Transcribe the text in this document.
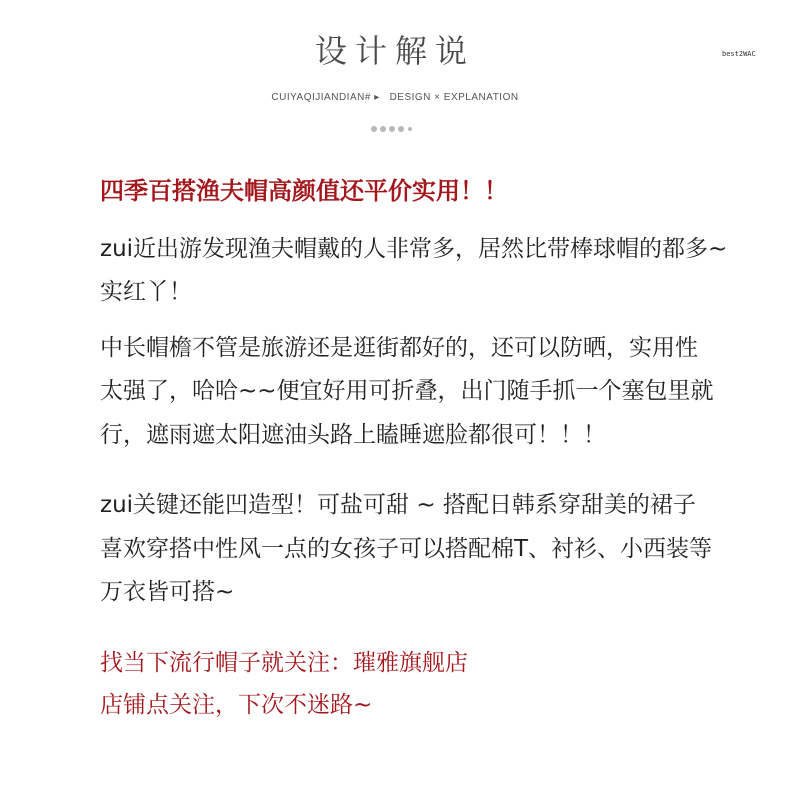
best2WAC
设计解说
CUIYAQIJIANDIAN# ▸ DESIGN × EXPLANATION
四季百搭渔夫帽高颜值还平价实用！！
zui近出游发现渔夫帽戴的人非常多，居然比带棒球帽的都多~
实红丫！
中长帽檐不管是旅游还是逛街都好的，还可以防晒，实用性
太强了，哈哈~~便宜好用可折叠，出门随手抓一个塞包里就
行，遮雨遮太阳遮油头路上瞌睡遮脸都很可！！！
zui关键还能凹造型！可盐可甜 ~ 搭配日韩系穿甜美的裙子
喜欢穿搭中性风一点的女孩子可以搭配棉T、衬衫、小西装等
万衣皆可搭~
找当下流行帽子就关注：璀雅旗舰店
店铺点关注，下次不迷路~
